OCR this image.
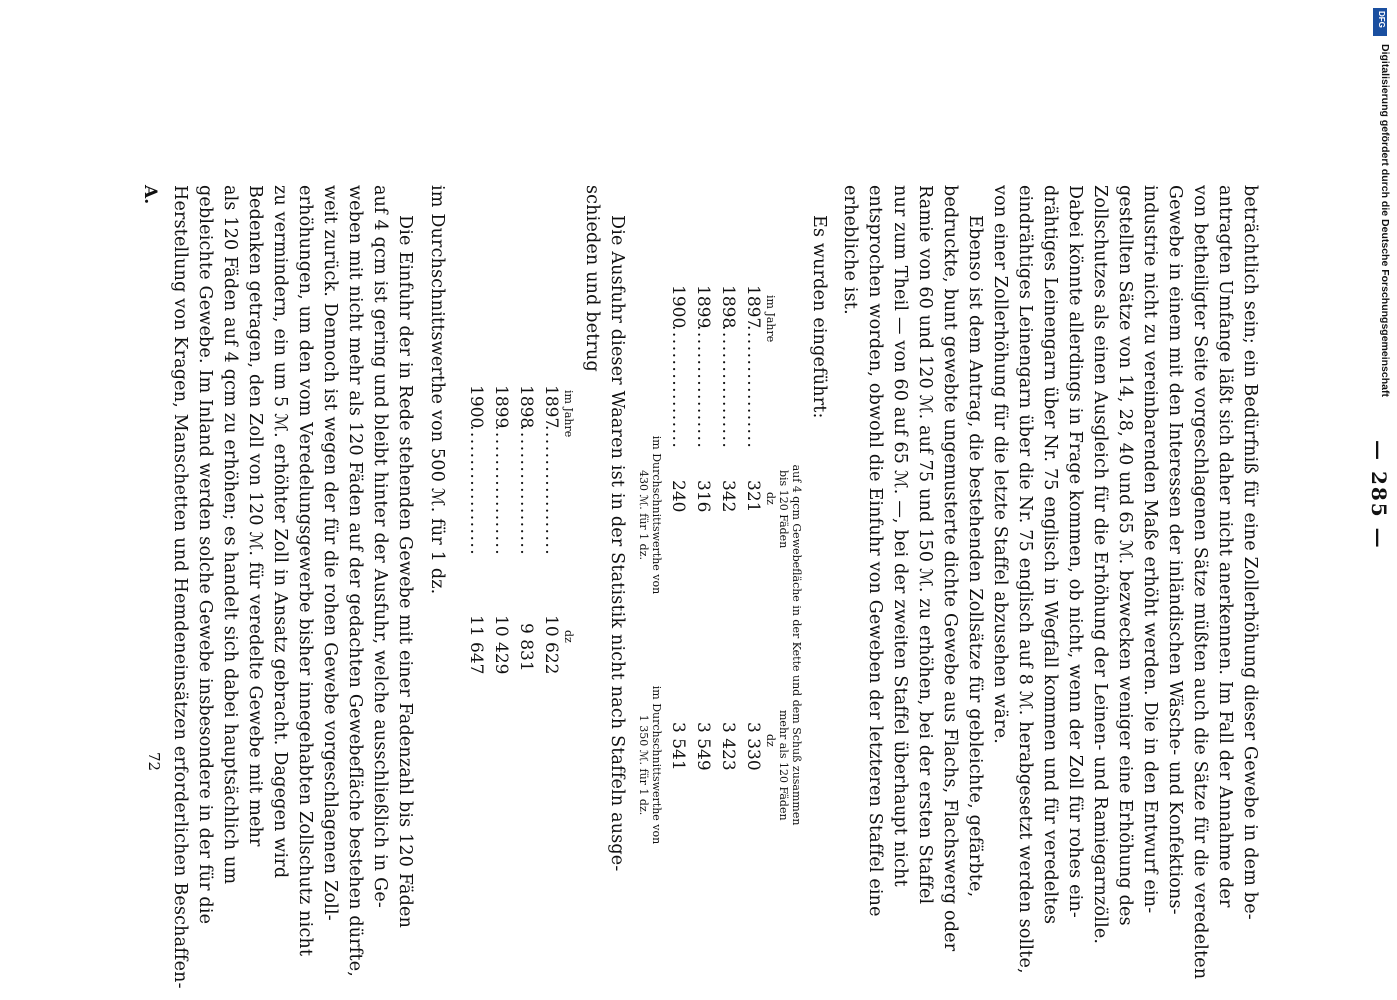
— 285 —
beträchtlich sein; ein Bedürfniß für eine Zollerhöhung dieser Gewebe in dem be-
antragten Umfange läßt sich daher nicht anerkennen. Im Fall der Annahme der
von betheiligter Seite vorgeschlagenen Sätze müßten auch die Sätze für die veredelten
Gewebe in einem mit den Interessen der inländischen Wäsche- und Konfektions-
industrie nicht zu vereinbarenden Maße erhöht werden. Die in den Entwurf ein-
gestellten Sätze von 14, 28, 40 und 65 ℳ. bezwecken weniger eine Erhöhung des
Zollschutzes als einen Ausgleich für die Erhöhung der Leinen- und Ramiegarnzölle.
Dabei könnte allerdings in Frage kommen, ob nicht, wenn der Zoll für rohes ein-
drähtiges Leinengarn über Nr. 75 englisch in Wegfall kommen und für veredeltes
eindrähtiges Leinengarn über die Nr. 75 englisch auf 8 ℳ. herabgesetzt werden sollte,
von einer Zollerhöhung für die letzte Staffel abzusehen wäre.
Ebenso ist dem Antrag, die bestehenden Zollsätze für gebleichte, gefärbte,
bedruckte, bunt gewebte ungemusterte dichte Gewebe aus Flachs, Flachswerg oder
Ramie von 60 und 120 ℳ. auf 75 und 150 ℳ. zu erhöhen, bei der ersten Staffel
nur zum Theil — von 60 auf 65 ℳ. —, bei der zweiten Staffel überhaupt nicht
entsprochen worden, obwohl die Einfuhr von Geweben der letzteren Staffel eine
erhebliche ist.
Es wurden eingeführt:
auf 4 qcm Gewebefläche in der Kette und dem Schuß zusammen
bis 120 Fäden
mehr als 120 Fäden
im Jahre
dz
dz
1897
..................
321
3 330
1898
..................
342
3 423
1899
..................
316
3 549
1900
..................
240
3 541
im Durchschnittswerthe von
430 ℳ. für 1 dz.
im Durchschnittswerthe von
1 350 ℳ. für 1 dz.
Die Ausfuhr dieser Waaren ist in der Statistik nicht nach Staffeln ausge-
schieden und betrug
im Jahre
dz
1897
...................
10 622
1898
...................
9 831
1899
...................
10 429
1900
...................
11 647
im Durchschnittswerthe von 500 ℳ. für 1 dz.
Die Einfuhr der in Rede stehenden Gewebe mit einer Fadenzahl bis 120 Fäden
auf 4 qcm ist gering und bleibt hinter der Ausfuhr, welche ausschließlich in Ge-
weben mit nicht mehr als 120 Fäden auf der gedachten Gewebefläche bestehen dürfte,
weit zurück. Dennoch ist wegen der für die rohen Gewebe vorgeschlagenen Zoll-
erhöhungen, um den vom Veredelungsgewerbe bisher innegehabten Zollschutz nicht
zu vermindern, ein um 5 ℳ. erhöhter Zoll in Ansatz gebracht. Dagegen wird
Bedenken getragen, den Zoll von 120 ℳ. für veredelte Gewebe mit mehr
als 120 Fäden auf 4 qcm zu erhöhen; es handelt sich dabei hauptsächlich um
gebleichte Gewebe. Im Inland werden solche Gewebe insbesondere in der für die
Herstellung von Kragen, Manschetten und Hemdeneinsätzen erforderlichen Beschaffen-
A.
72
DFG
Digitalisierung gefördert durch die Deutsche Forschungsgemeinschaft
